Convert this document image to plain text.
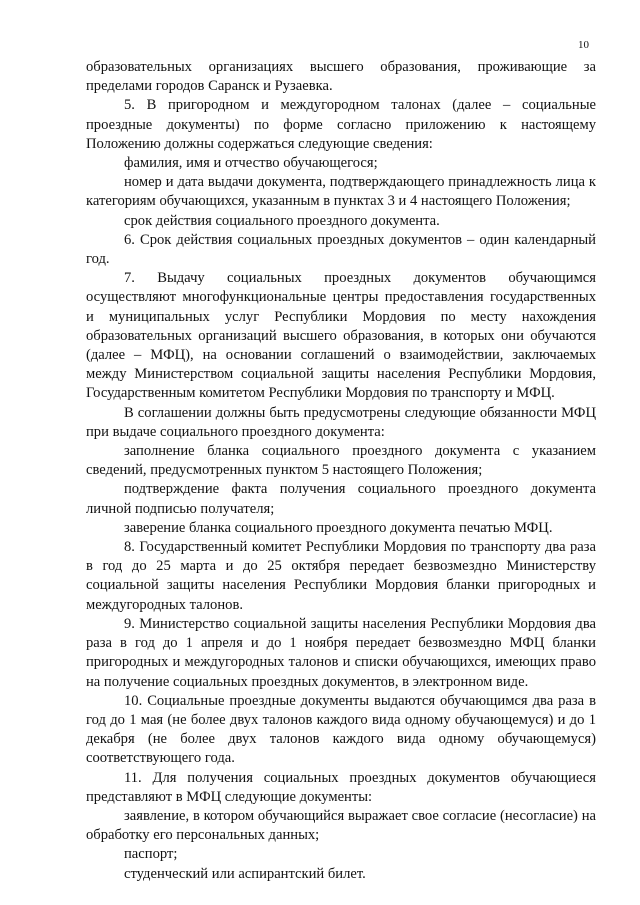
10

образовательных организациях высшего образования, проживающие за пределами городов Саранск и Рузаевка.

5. В пригородном и междугородном талонах (далее – социальные проездные документы) по форме согласно приложению к настоящему Положению должны содержаться следующие сведения:

фамилия, имя и отчество обучающегося;

номер и дата выдачи документа, подтверждающего принадлежность лица к категориям обучающихся, указанным в пунктах 3 и 4 настоящего Положения;

срок действия социального проездного документа.

6. Срок действия социальных проездных документов – один календарный год.

7. Выдачу социальных проездных документов обучающимся осуществляют многофункциональные центры предоставления государственных и муниципальных услуг Республики Мордовия по месту нахождения образовательных организаций высшего образования, в которых они обучаются (далее – МФЦ), на основании соглашений о взаимодействии, заключаемых между Министерством социальной защиты населения Республики Мордовия, Государственным комитетом Республики Мордовия по транспорту и МФЦ.

В соглашении должны быть предусмотрены следующие обязанности МФЦ при выдаче социального проездного документа:

заполнение бланка социального проездного документа с указанием сведений, предусмотренных пунктом 5 настоящего Положения;

подтверждение факта получения социального проездного документа личной подписью получателя;

заверение бланка социального проездного документа печатью МФЦ.

8. Государственный комитет Республики Мордовия по транспорту два раза в год до 25 марта и до 25 октября передает безвозмездно Министерству социальной защиты населения Республики Мордовия бланки пригородных и междугородных талонов.

9. Министерство социальной защиты населения Республики Мордовия два раза в год до 1 апреля и до 1 ноября передает безвозмездно МФЦ бланки пригородных и междугородных талонов и списки обучающихся, имеющих право на получение социальных проездных документов, в электронном виде.

10. Социальные проездные документы выдаются обучающимся два раза в год до 1 мая (не более двух талонов каждого вида одному обучающемуся) и до 1 декабря (не более двух талонов каждого вида одному обучающемуся) соответствующего года.

11. Для получения социальных проездных документов обучающиеся представляют в МФЦ следующие документы:

заявление, в котором обучающийся выражает свое согласие (несогласие) на обработку его персональных данных;

паспорт;

студенческий или аспирантский билет.
